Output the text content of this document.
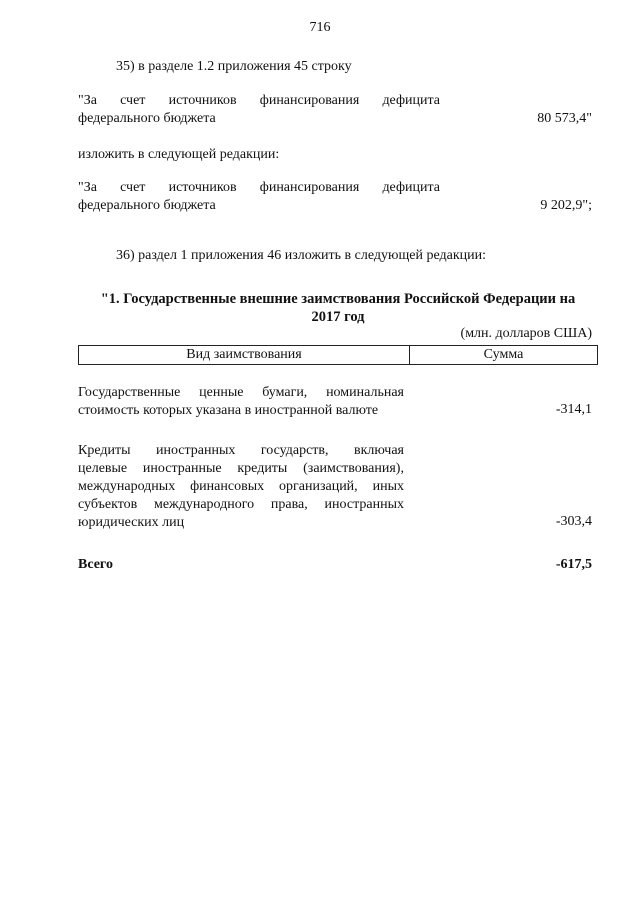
716
35) в разделе 1.2 приложения 45 строку
"За счет источников финансирования дефицита
федерального бюджета	80 573,4"
изложить в следующей редакции:
"За счет источников финансирования дефицита
федерального бюджета	9 202,9";
36) раздел 1 приложения 46 изложить в следующей редакции:
"1. Государственные внешние заимствования Российской Федерации на
2017 год
(млн. долларов США)
Вид заимствования	Сумма
Государственные ценные бумаги, номинальная
стоимость которых указана в иностранной валюте	-314,1
Кредиты иностранных государств, включая
целевые иностранные кредиты (заимствования),
международных финансовых организаций, иных
субъектов международного права, иностранных
юридических лиц	-303,4
Всего	-617,5
